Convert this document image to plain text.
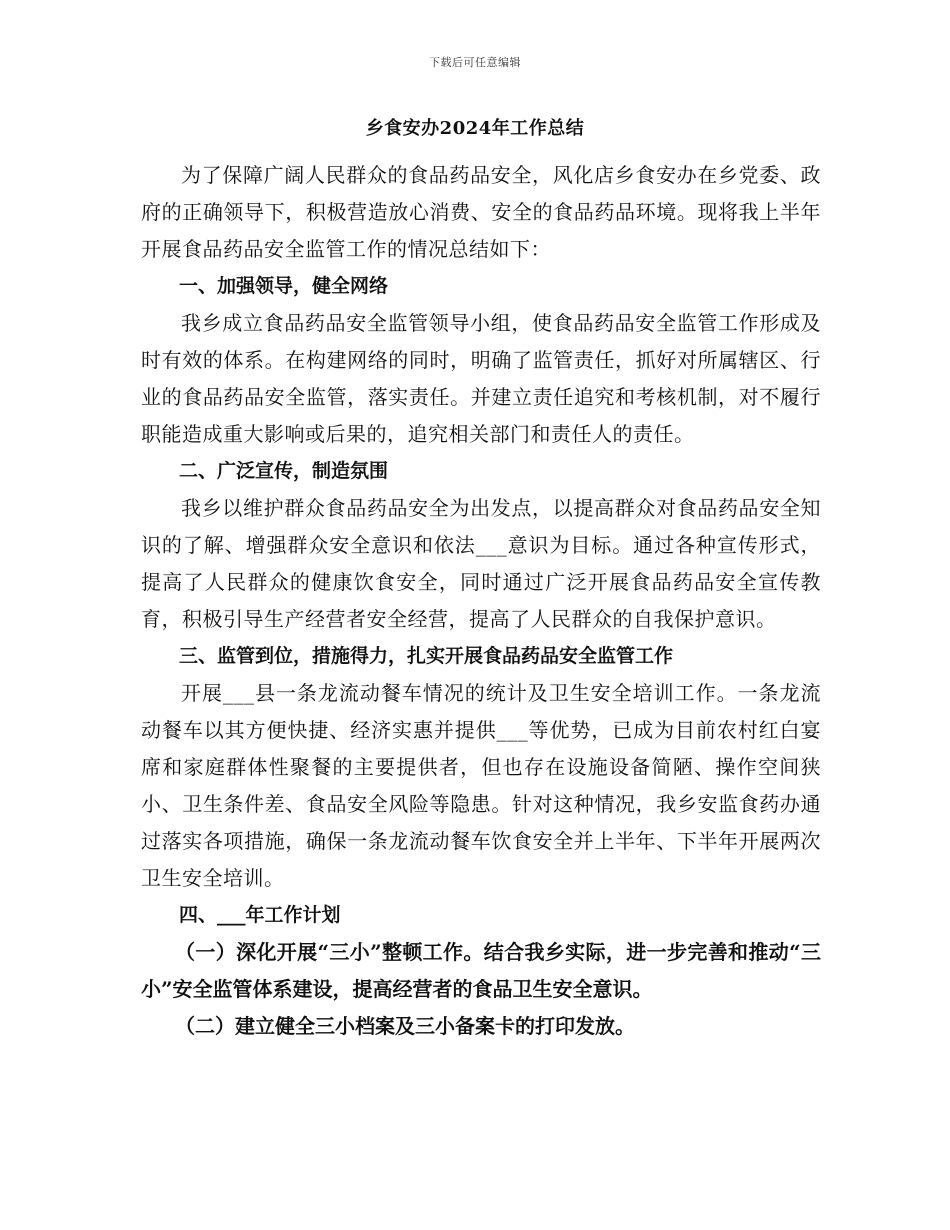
下载后可任意编辑
乡食安办2024年工作总结

为了保障广阔人民群众的食品药品安全，风化店乡食安办在乡党委、政府的正确领导下，积极营造放心消费、安全的食品药品环境。现将我上半年开展食品药品安全监管工作的情况总结如下：

一、加强领导，健全网络

我乡成立食品药品安全监管领导小组，使食品药品安全监管工作形成及时有效的体系。在构建网络的同时，明确了监管责任，抓好对所属辖区、行业的食品药品安全监管，落实责任。并建立责任追究和考核机制，对不履行职能造成重大影响或后果的，追究相关部门和责任人的责任。

二、广泛宣传，制造氛围

我乡以维护群众食品药品安全为出发点，以提高群众对食品药品安全知识的了解、增强群众安全意识和依法___意识为目标。通过各种宣传形式，提高了人民群众的健康饮食安全，同时通过广泛开展食品药品安全宣传教育，积极引导生产经营者安全经营，提高了人民群众的自我保护意识。

三、监管到位，措施得力，扎实开展食品药品安全监管工作

开展___县一条龙流动餐车情况的统计及卫生安全培训工作。一条龙流动餐车以其方便快捷、经济实惠并提供___等优势，已成为目前农村红白宴席和家庭群体性聚餐的主要提供者，但也存在设施设备简陋、操作空间狭小、卫生条件差、食品安全风险等隐患。针对这种情况，我乡安监食药办通过落实各项措施，确保一条龙流动餐车饮食安全并上半年、下半年开展两次卫生安全培训。

四、___年工作计划

（一）深化开展“三小”整顿工作。结合我乡实际，进一步完善和推动“三小”安全监管体系建设，提高经营者的食品卫生安全意识。

（二）建立健全三小档案及三小备案卡的打印发放。
